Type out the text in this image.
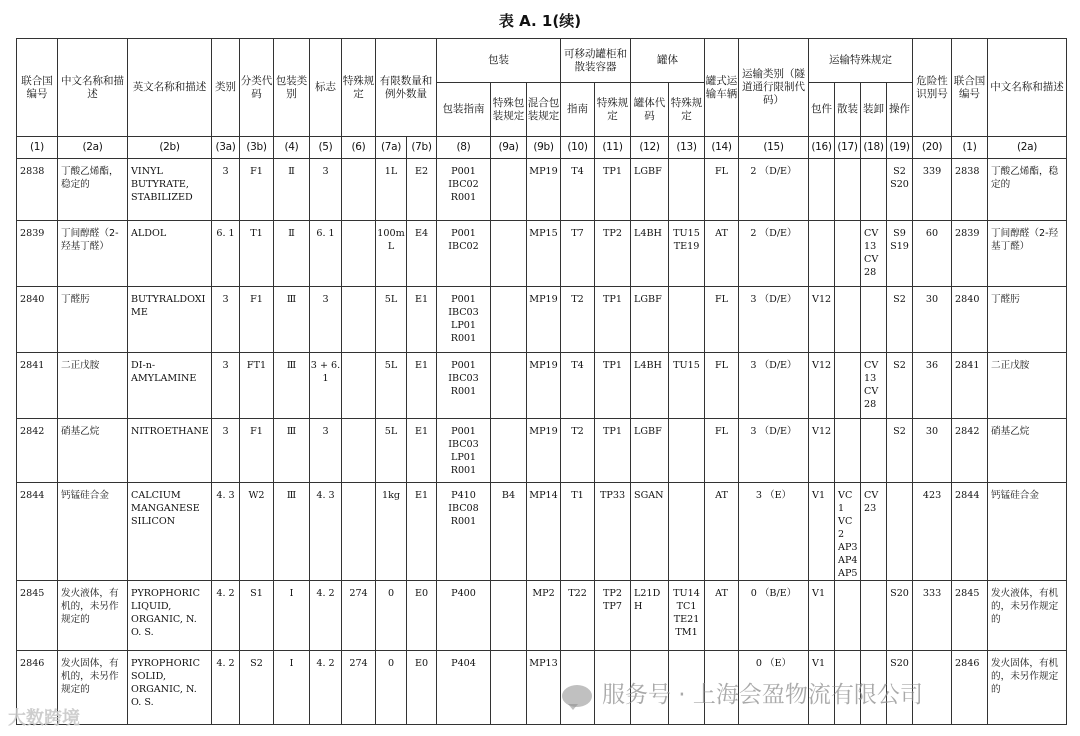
表 A. 1(续)
联合国编号	中文名称和描述	英文名称和描述	类别	分类代码	包装类别	标志	特殊规定	有限数量和例外数量		包装			可移动罐柜和散装容器		罐体		罐式运输车辆	运输类别（隧道通行限制代码）	运输特殊规定				危险性识别号	联合国编号	中文名称和描述
										包装指南	特殊包装规定	混合包装规定	指南	特殊规定	罐体代码	特殊规定			包件	散装	装卸	操作			
(1)	(2a)	(2b)	(3a)	(3b)	(4)	(5)	(6)	(7a)	(7b)	(8)	(9a)	(9b)	(10)	(11)	(12)	(13)	(14)	(15)	(16)	(17)	(18)	(19)	(20)	(1)	(2a)
2838	丁酸乙烯酯，稳定的	VINYL BUTYRATE, STABILIZED	3	F1	Ⅱ	3		1L	E2	P001 IBC02 R001		MP19	T4	TP1	LGBF		FL	2 （D/E）				S2 S20	339	2838	丁酸乙烯酯，稳定的
2839	丁间醇醛（2-羟基丁醛）	ALDOL	6. 1	T1	Ⅱ	6. 1		100mL	E4	P001 IBC02		MP15	T7	TP2	L4BH	TU15 TE19	AT	2 （D/E）			CV13 CV28	S9 S19	60	2839	丁间醇醛（2-羟基丁醛）
2840	丁醛肟	BUTYRALDOXIME	3	F1	Ⅲ	3		5L	E1	P001 IBC03 LP01 R001		MP19	T2	TP1	LGBF		FL	3 （D/E）	V12			S2	30	2840	丁醛肟
2841	二正戊胺	DI-n-AMYLAMINE	3	FT1	Ⅲ	3 + 6. 1		5L	E1	P001 IBC03 R001		MP19	T4	TP1	L4BH	TU15	FL	3 （D/E）	V12		CV13 CV28	S2	36	2841	二正戊胺
2842	硝基乙烷	NITROETHANE	3	F1	Ⅲ	3		5L	E1	P001 IBC03 LP01 R001		MP19	T2	TP1	LGBF		FL	3 （D/E）	V12			S2	30	2842	硝基乙烷
2844	钙锰硅合金	CALCIUM MANGANESE SILICON	4. 3	W2	Ⅲ	4. 3		1kg	E1	P410 IBC08 R001	B4	MP14	T1	TP33	SGAN		AT	3 （E）	V1	VC1 VC2 AP3 AP4 AP5	CV23		423	2844	钙锰硅合金
2845	发火液体，有机的，未另作规定的	PYROPHORIC LIQUID, ORGANIC, N. O. S.	4. 2	S1	Ⅰ	4. 2	274	0	E0	P400		MP2	T22	TP2 TP7	L21DH	TU14 TC1 TE21 TM1	AT	0 （B/E）	V1			S20	333	2845	发火液体，有机的，未另作规定的
2846	发火固体，有机的，未另作规定的	PYROPHORIC SOLID, ORGANIC, N. O. S.	4. 2	S2	Ⅰ	4. 2	274	0	E0	P404		MP13						0 （E）	V1			S20		2846	发火固体，有机的，未另作规定的
服务号 · 上海会盈物流有限公司
大数跨境
